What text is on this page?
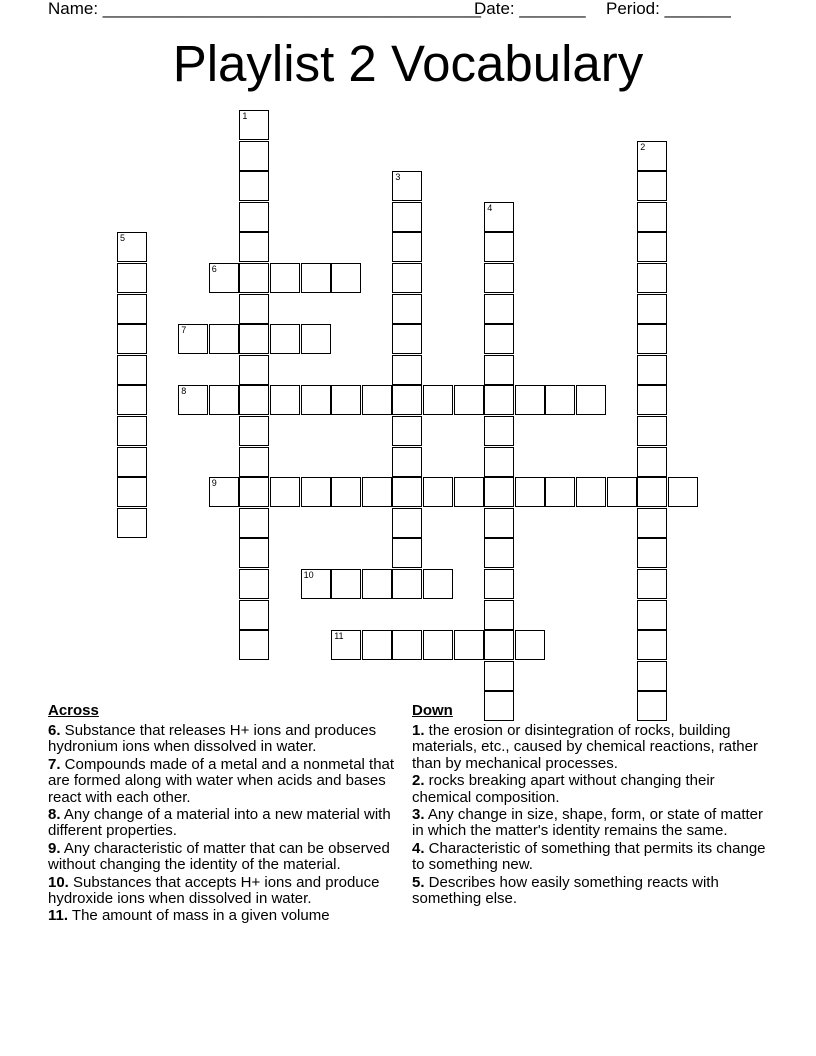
Name: ________________________________________

Date: _______

Period: _______

Playlist 2 Vocabulary
1
2
3
4
5
6
7
8
9
10
11
Across
6. Substance that releases H+ ions and produces hydronium ions when dissolved in water.
7. Compounds made of a metal and a nonmetal that are formed along with water when acids and bases react with each other.
8. Any change of a material into a new material with different properties.
9. Any characteristic of matter that can be observed without changing the identity of the material.
10. Substances that accepts H+ ions and produce hydroxide ions when dissolved in water.
11. The amount of mass in a given volume
Down
1. the erosion or disintegration of rocks, building materials, etc., caused by chemical reactions, rather than by mechanical processes.
2. rocks breaking apart without changing their chemical composition.
3. Any change in size, shape, form, or state of matter in which the matter's identity remains the same.
4. Characteristic of something that permits its change to something new.
5. Describes how easily something reacts with something else.
